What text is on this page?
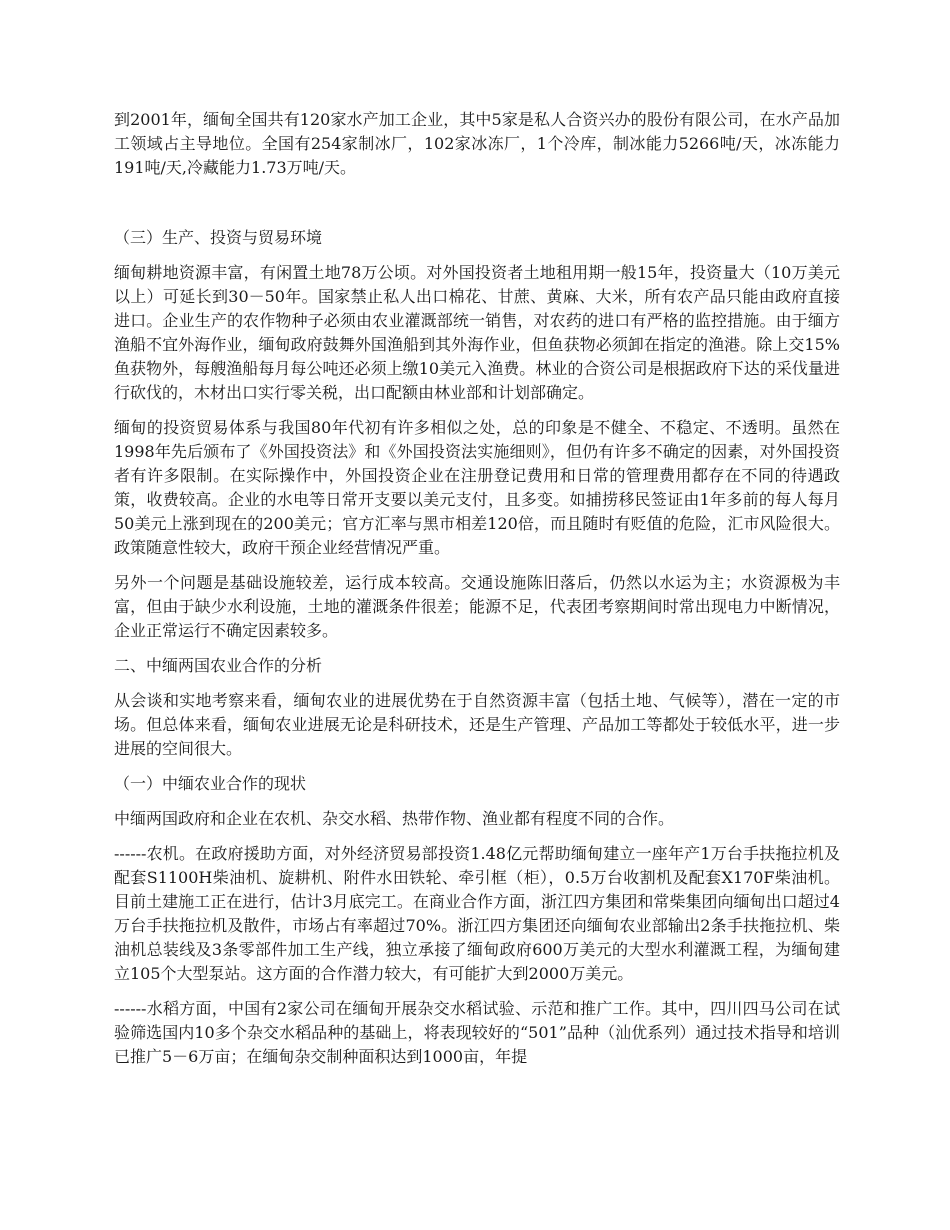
到2001年，缅甸全国共有120家水产加工企业，其中5家是私人合资兴办的股份有限公司，在水产品加工领域占主导地位。全国有254家制冰厂，102家冰冻厂，1个冷库，制冰能力5266吨/天，冰冻能力191吨/天,冷藏能力1.73万吨/天。

（三）生产、投资与贸易环境

缅甸耕地资源丰富，有闲置土地78万公顷。对外国投资者土地租用期一般15年，投资量大（10万美元以上）可延长到30－50年。国家禁止私人出口棉花、甘蔗、黄麻、大米，所有农产品只能由政府直接进口。企业生产的农作物种子必须由农业灌溉部统一销售，对农药的进口有严格的监控措施。由于缅方渔船不宜外海作业，缅甸政府鼓舞外国渔船到其外海作业，但鱼获物必须卸在指定的渔港。除上交15%鱼获物外，每艘渔船每月每公吨还必须上缴10美元入渔费。林业的合资公司是根据政府下达的采伐量进行砍伐的，木材出口实行零关税，出口配额由林业部和计划部确定。

缅甸的投资贸易体系与我国80年代初有许多相似之处，总的印象是不健全、不稳定、不透明。虽然在1998年先后颁布了《外国投资法》和《外国投资法实施细则》，但仍有许多不确定的因素，对外国投资者有许多限制。在实际操作中，外国投资企业在注册登记费用和日常的管理费用都存在不同的待遇政策，收费较高。企业的水电等日常开支要以美元支付，且多变。如捕捞移民签证由1年多前的每人每月50美元上涨到现在的200美元；官方汇率与黑市相差120倍，而且随时有贬值的危险，汇市风险很大。政策随意性较大，政府干预企业经营情况严重。

另外一个问题是基础设施较差，运行成本较高。交通设施陈旧落后，仍然以水运为主；水资源极为丰富，但由于缺少水利设施，土地的灌溉条件很差；能源不足，代表团考察期间时常出现电力中断情况，企业正常运行不确定因素较多。

二、中缅两国农业合作的分析

从会谈和实地考察来看，缅甸农业的进展优势在于自然资源丰富（包括土地、气候等），潜在一定的市场。但总体来看，缅甸农业进展无论是科研技术，还是生产管理、产品加工等都处于较低水平，进一步进展的空间很大。

（一）中缅农业合作的现状

中缅两国政府和企业在农机、杂交水稻、热带作物、渔业都有程度不同的合作。

------农机。在政府援助方面，对外经济贸易部投资1.48亿元帮助缅甸建立一座年产1万台手扶拖拉机及配套S1100H柴油机、旋耕机、附件水田铁轮、牵引框（柜），0.5万台收割机及配套X170F柴油机。目前土建施工正在进行，估计3月底完工。在商业合作方面，浙江四方集团和常柴集团向缅甸出口超过4万台手扶拖拉机及散件，市场占有率超过70%。浙江四方集团还向缅甸农业部输出2条手扶拖拉机、柴油机总装线及3条零部件加工生产线，独立承接了缅甸政府600万美元的大型水利灌溉工程，为缅甸建立105个大型泵站。这方面的合作潜力较大，有可能扩大到2000万美元。

------水稻方面，中国有2家公司在缅甸开展杂交水稻试验、示范和推广工作。其中，四川四马公司在试验筛选国内10多个杂交水稻品种的基础上，将表现较好的“501”品种（汕优系列）通过技术指导和培训已推广5－6万亩；在缅甸杂交制种面积达到1000亩，年提
